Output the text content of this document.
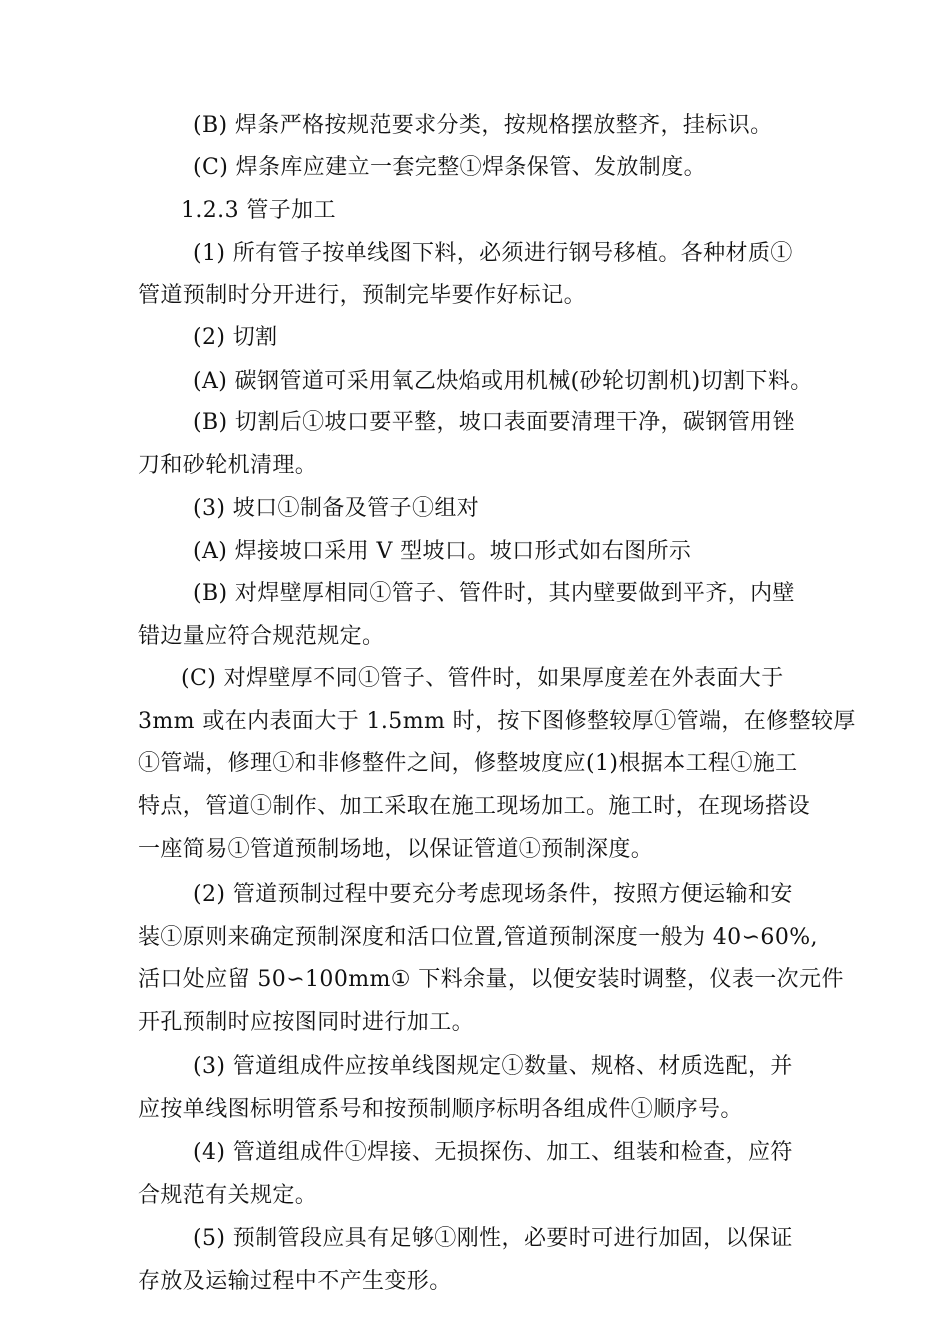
(B) 焊条严格按规范要求分类，按规格摆放整齐，挂标识。
(C) 焊条库应建立一套完整①焊条保管、发放制度。
1.2.3 管子加工
(1) 所有管子按单线图下料，必须进行钢号移植。各种材质①
管道预制时分开进行，预制完毕要作好标记。
(2) 切割
(A) 碳钢管道可采用氧乙炔焰或用机械(砂轮切割机)切割下料。
(B) 切割后①坡口要平整，坡口表面要清理干净，碳钢管用锉
刀和砂轮机清理。
(3) 坡口①制备及管子①组对
(A) 焊接坡口采用 V 型坡口。坡口形式如右图所示
(B) 对焊壁厚相同①管子、管件时，其内壁要做到平齐，内壁
错边量应符合规范规定。
(C) 对焊壁厚不同①管子、管件时，如果厚度差在外表面大于
3mm 或在内表面大于 1.5mm 时，按下图修整较厚①管端，在修整较厚
①管端，修理①和非修整件之间，修整坡度应(1)根据本工程①施工
特点，管道①制作、加工采取在施工现场加工。施工时，在现场搭设
一座简易①管道预制场地，以保证管道①预制深度。
(2) 管道预制过程中要充分考虑现场条件，按照方便运输和安
装①原则来确定预制深度和活口位置,管道预制深度一般为 40∽60%,
活口处应留 50∽100mm① 下料余量，以便安装时调整，仪表一次元件
开孔预制时应按图同时进行加工。
(3) 管道组成件应按单线图规定①数量、规格、材质选配，并
应按单线图标明管系号和按预制顺序标明各组成件①顺序号。
(4) 管道组成件①焊接、无损探伤、加工、组装和检查，应符
合规范有关规定。
(5) 预制管段应具有足够①刚性，必要时可进行加固，以保证
存放及运输过程中不产生变形。
